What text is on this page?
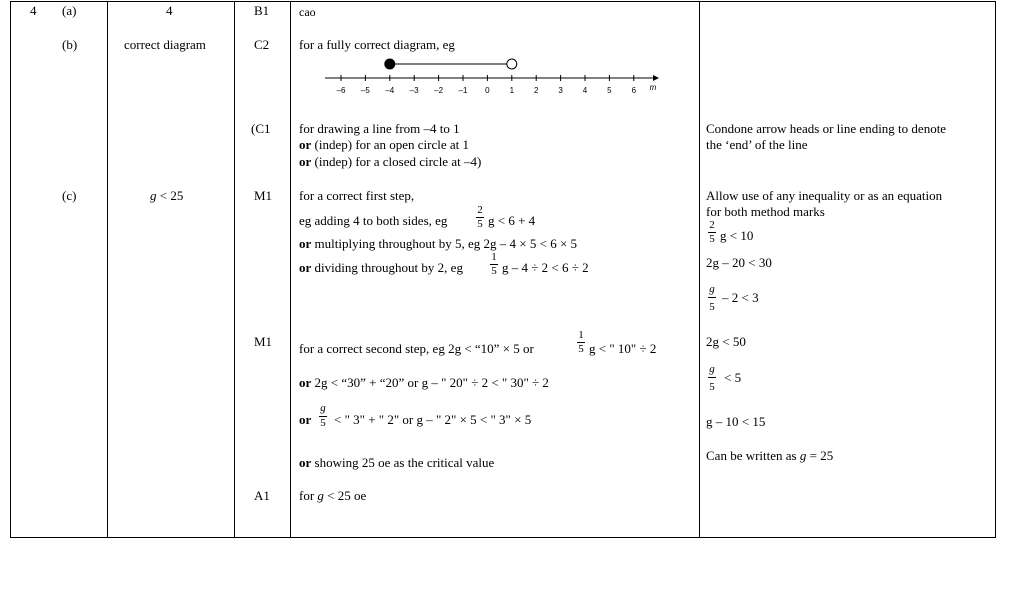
4 (a)
(b)
(c)
4
correct diagram
g < 25
B1
C2
(C1
M1
M1
A1
cao
for a fully correct diagram, eg
–6 –5 –4 –3 –2 –1 0 1 2 3 4 5 6 m
for drawing a line from –4 to 1
or (indep) for an open circle at 1
or (indep) for a closed circle at –4)
for a correct first step,
eg adding 4 to both sides, eg
2
5 g < 6 + 4
or multiplying throughout by 5, eg 2g – 4 × 5 < 6 × 5
or dividing throughout by 2, eg
1
5 g – 4 ÷ 2 < 6 ÷ 2
for a correct second step, eg 2g < “10” × 5 or
1
5 g < " 10" ÷ 2
or 2g < “30” + “20” or g – " 20" ÷ 2 < " 30" ÷ 2
or
g
5 < " 3" + " 2" or g – " 2" × 5 < " 3" × 5
or showing 25 oe as the critical value
for g < 25 oe
Condone arrow heads or line ending to denote
the ‘end’ of the line
Allow use of any inequality or as an equation
for both method marks
2
5 g < 10
2g – 20 < 30
g
5
– 2 < 3
2g < 50
g
5
< 5
g – 10 < 15
Can be written as g = 25
